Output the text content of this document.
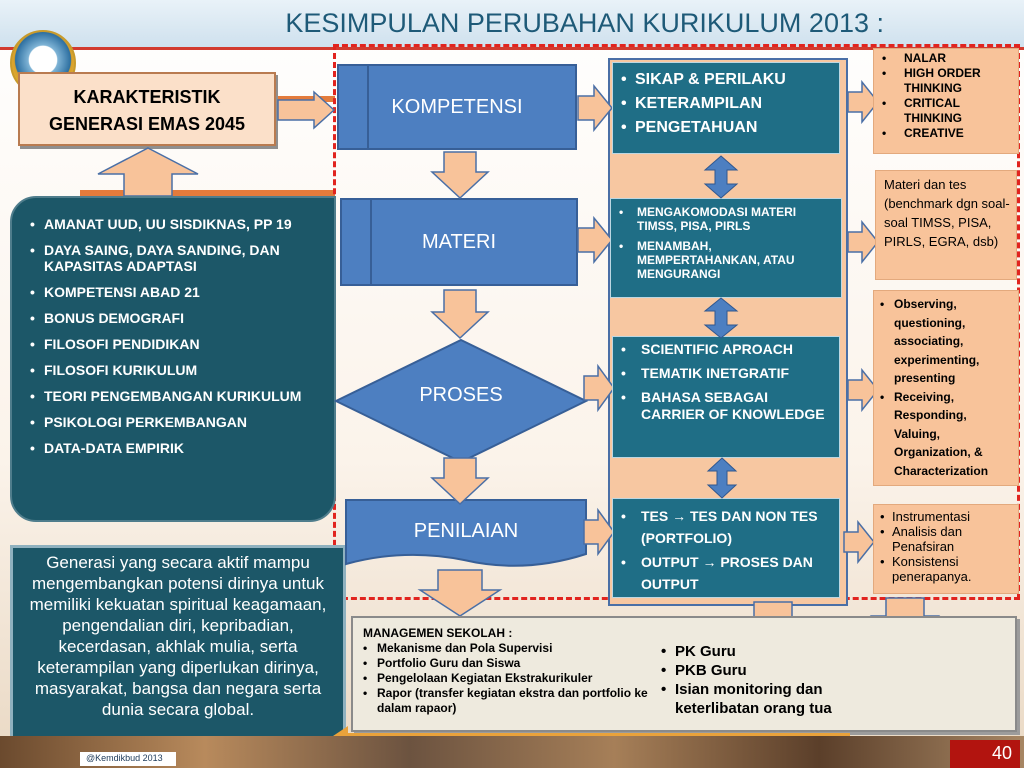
KESIMPULAN PERUBAHAN KURIKULUM 2013 :
KARAKTERISTIK
GENERASI EMAS 2045
• AMANAT UUD, UU SISDIKNAS, PP 19
• DAYA SAING, DAYA SANDING, DAN KAPASITAS ADAPTASI
• KOMPETENSI ABAD 21
• BONUS DEMOGRAFI
• FILOSOFI PENDIDIKAN
• FILOSOFI KURIKULUM
• TEORI PENGEMBANGAN KURIKULUM
• PSIKOLOGI PERKEMBANGAN
• DATA-DATA EMPIRIK
Generasi yang secara aktif mampu mengembangkan potensi dirinya untuk memiliki kekuatan spiritual keagamaan, pengendalian diri, kepribadian, kecerdasan, akhlak mulia, serta keterampilan yang diperlukan dirinya, masyarakat, bangsa dan negara serta dunia secara global.
KOMPETENSI
MATERI
PROSES
PENILAIAN
• SIKAP & PERILAKU
• KETERAMPILAN
• PENGETAHUAN
• MENGAKOMODASI MATERI TIMSS, PISA, PIRLS
• MENAMBAH, MEMPERTAHANKAN, ATAU MENGURANGI
• SCIENTIFIC APROACH
• TEMATIK INETGRATIF
• BAHASA SEBAGAI CARRIER OF KNOWLEDGE
• TES → TES DAN NON TES (PORTFOLIO)
• OUTPUT → PROSES DAN OUTPUT
• NALAR
• HIGH ORDER THINKING
• CRITICAL THINKING
• CREATIVE
Materi dan tes (benchmark dgn soal-soal TIMSS, PISA, PIRLS, EGRA, dsb)
• Observing, questioning, associating, experimenting, presenting
• Receiving, Responding, Valuing, Organization, & Characterization
• Instrumentasi
• Analisis dan Penafsiran
• Konsistensi penerapanya.
MANAGEMEN SEKOLAH :
• Mekanisme dan Pola Supervisi
• Portfolio Guru dan Siswa
• Pengelolaan Kegiatan Ekstrakurikuler
• Rapor (transfer kegiatan ekstra dan portfolio ke dalam rapaor)
• PK Guru
• PKB Guru
• Isian monitoring dan keterlibatan orang tua
@Kemdikbud 2013	40
